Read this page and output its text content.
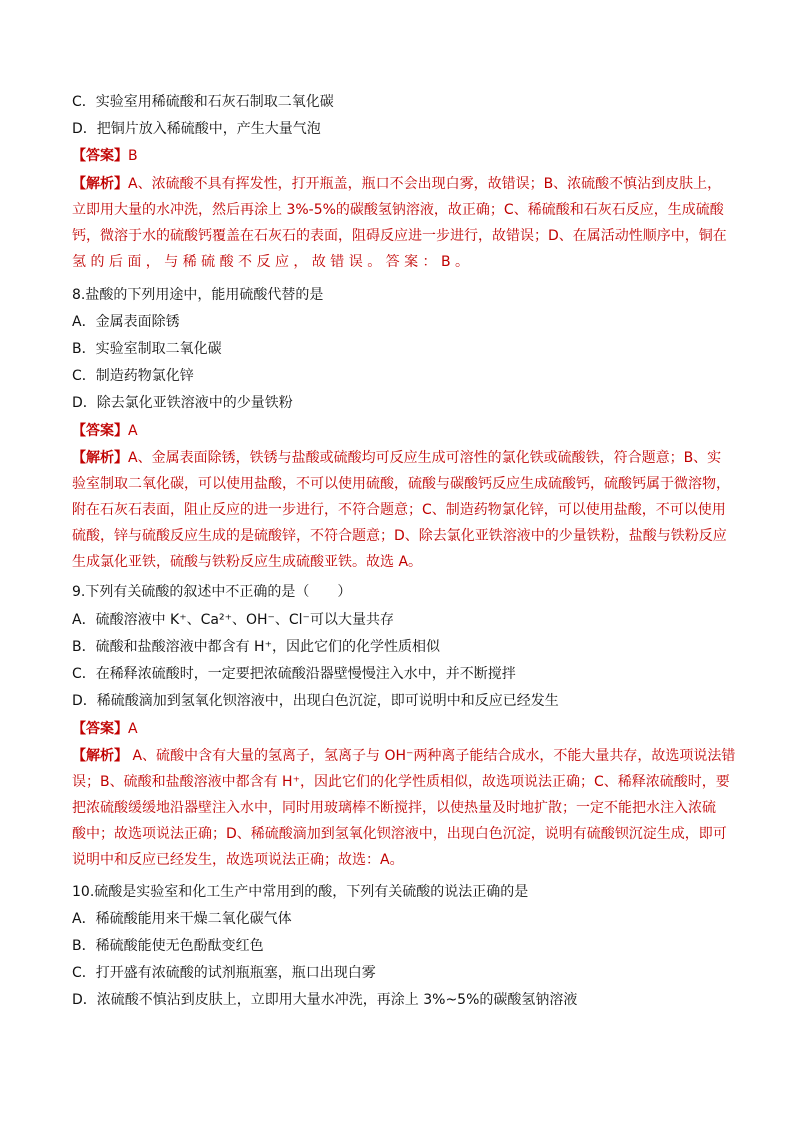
C．实验室用稀硫酸和石灰石制取二氧化碳
D．把铜片放入稀硫酸中，产生大量气泡
【答案】B
【解析】A、浓硫酸不具有挥发性，打开瓶盖，瓶口不会出现白雾，故错误；B、浓硫酸不慎沾到皮肤上，
立即用大量的水冲洗，然后再涂上 3%-5%的碳酸氢钠溶液，故正确；C、稀硫酸和石灰石反应，生成硫酸
钙，微溶于水的硫酸钙覆盖在石灰石的表面，阻碍反应进一步进行，故错误；D、在属活动性顺序中，铜在
氢 的 后 面 ， 与 稀 硫 酸 不 反 应 ， 故 错 误 。 答 案 ： B 。
8.盐酸的下列用途中，能用硫酸代替的是
A．金属表面除锈
B．实验室制取二氧化碳
C．制造药物氯化锌
D．除去氯化亚铁溶液中的少量铁粉
【答案】A
【解析】A、金属表面除锈，铁锈与盐酸或硫酸均可反应生成可溶性的氯化铁或硫酸铁，符合题意；B、实
验室制取二氧化碳，可以使用盐酸，不可以使用硫酸，硫酸与碳酸钙反应生成硫酸钙，硫酸钙属于微溶物，
附在石灰石表面，阻止反应的进一步进行，不符合题意；C、制造药物氯化锌，可以使用盐酸，不可以使用
硫酸，锌与硫酸反应生成的是硫酸锌，不符合题意；D、除去氯化亚铁溶液中的少量铁粉，盐酸与铁粉反应
生成氯化亚铁，硫酸与铁粉反应生成硫酸亚铁。故选 A。
9.下列有关硫酸的叙述中不正确的是（　　）
A．硫酸溶液中 K⁺、Ca²⁺、OH⁻、Cl⁻可以大量共存
B．硫酸和盐酸溶液中都含有 H⁺，因此它们的化学性质相似
C．在稀释浓硫酸时，一定要把浓硫酸沿器壁慢慢注入水中，并不断搅拌
D．稀硫酸滴加到氢氧化钡溶液中，出现白色沉淀，即可说明中和反应已经发生
【答案】A
【解析】 A、硫酸中含有大量的氢离子，氢离子与 OH⁻两种离子能结合成水，不能大量共存，故选项说法错
误；B、硫酸和盐酸溶液中都含有 H⁺，因此它们的化学性质相似，故选项说法正确；C、稀释浓硫酸时，要
把浓硫酸缓缓地沿器壁注入水中，同时用玻璃棒不断搅拌，以使热量及时地扩散；一定不能把水注入浓硫
酸中；故选项说法正确；D、稀硫酸滴加到氢氧化钡溶液中，出现白色沉淀，说明有硫酸钡沉淀生成，即可
说明中和反应已经发生，故选项说法正确；故选：A。
10.硫酸是实验室和化工生产中常用到的酸，下列有关硫酸的说法正确的是
A．稀硫酸能用来干燥二氧化碳气体
B．稀硫酸能使无色酚酞变红色
C．打开盛有浓硫酸的试剂瓶瓶塞，瓶口出现白雾
D．浓硫酸不慎沾到皮肤上，立即用大量水冲洗，再涂上 3%~5%的碳酸氢钠溶液
